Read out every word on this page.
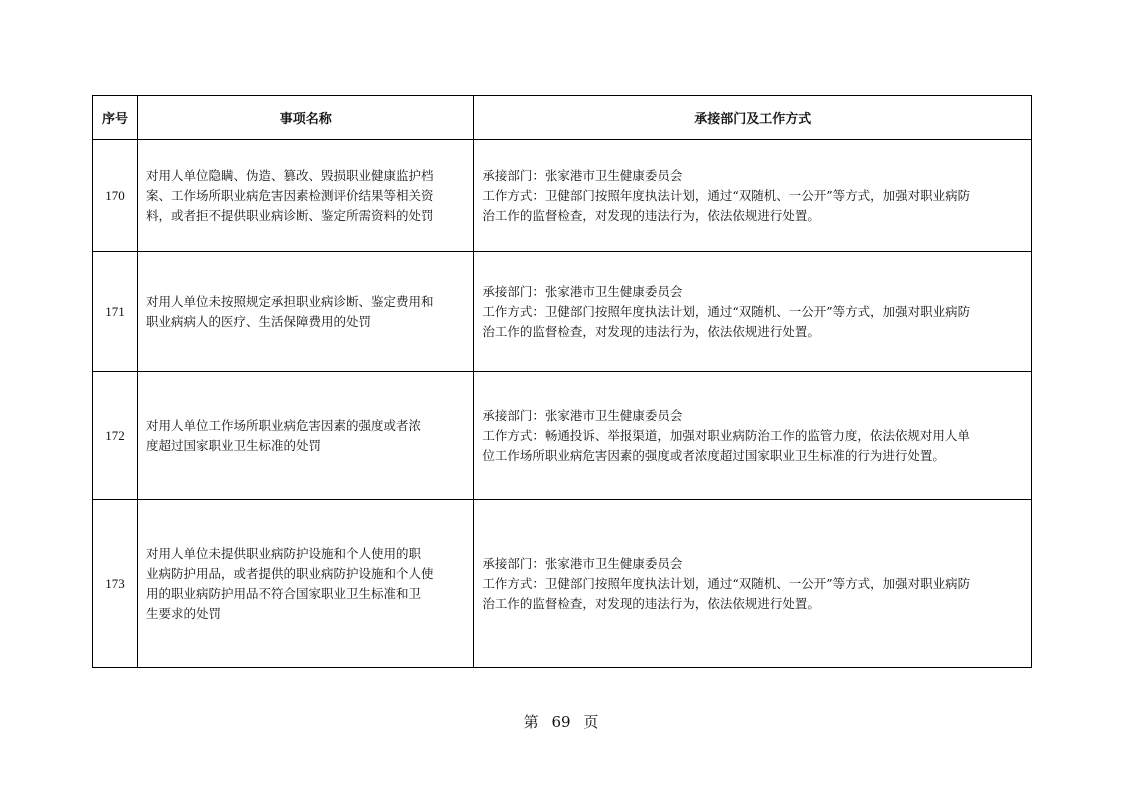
序号	事项名称	承接部门及工作方式
170	对用人单位隐瞒、伪造、篡改、毁损职业健康监护档
案、工作场所职业病危害因素检测评价结果等相关资
料，或者拒不提供职业病诊断、鉴定所需资料的处罚	承接部门：张家港市卫生健康委员会
工作方式：卫健部门按照年度执法计划，通过“双随机、一公开”等方式，加强对职业病防
治工作的监督检查，对发现的违法行为，依法依规进行处置。

171	对用人单位未按照规定承担职业病诊断、鉴定费用和
职业病病人的医疗、生活保障费用的处罚	承接部门：张家港市卫生健康委员会
工作方式：卫健部门按照年度执法计划，通过“双随机、一公开”等方式，加强对职业病防
治工作的监督检查，对发现的违法行为，依法依规进行处置。

172	对用人单位工作场所职业病危害因素的强度或者浓
度超过国家职业卫生标准的处罚	承接部门：张家港市卫生健康委员会
工作方式：畅通投诉、举报渠道，加强对职业病防治工作的监管力度，依法依规对用人单
位工作场所职业病危害因素的强度或者浓度超过国家职业卫生标准的行为进行处置。

173	对用人单位未提供职业病防护设施和个人使用的职
业病防护用品，或者提供的职业病防护设施和个人使
用的职业病防护用品不符合国家职业卫生标准和卫
生要求的处罚	承接部门：张家港市卫生健康委员会
工作方式：卫健部门按照年度执法计划，通过“双随机、一公开”等方式，加强对职业病防
治工作的监督检查，对发现的违法行为，依法依规进行处置。
第 69 页
